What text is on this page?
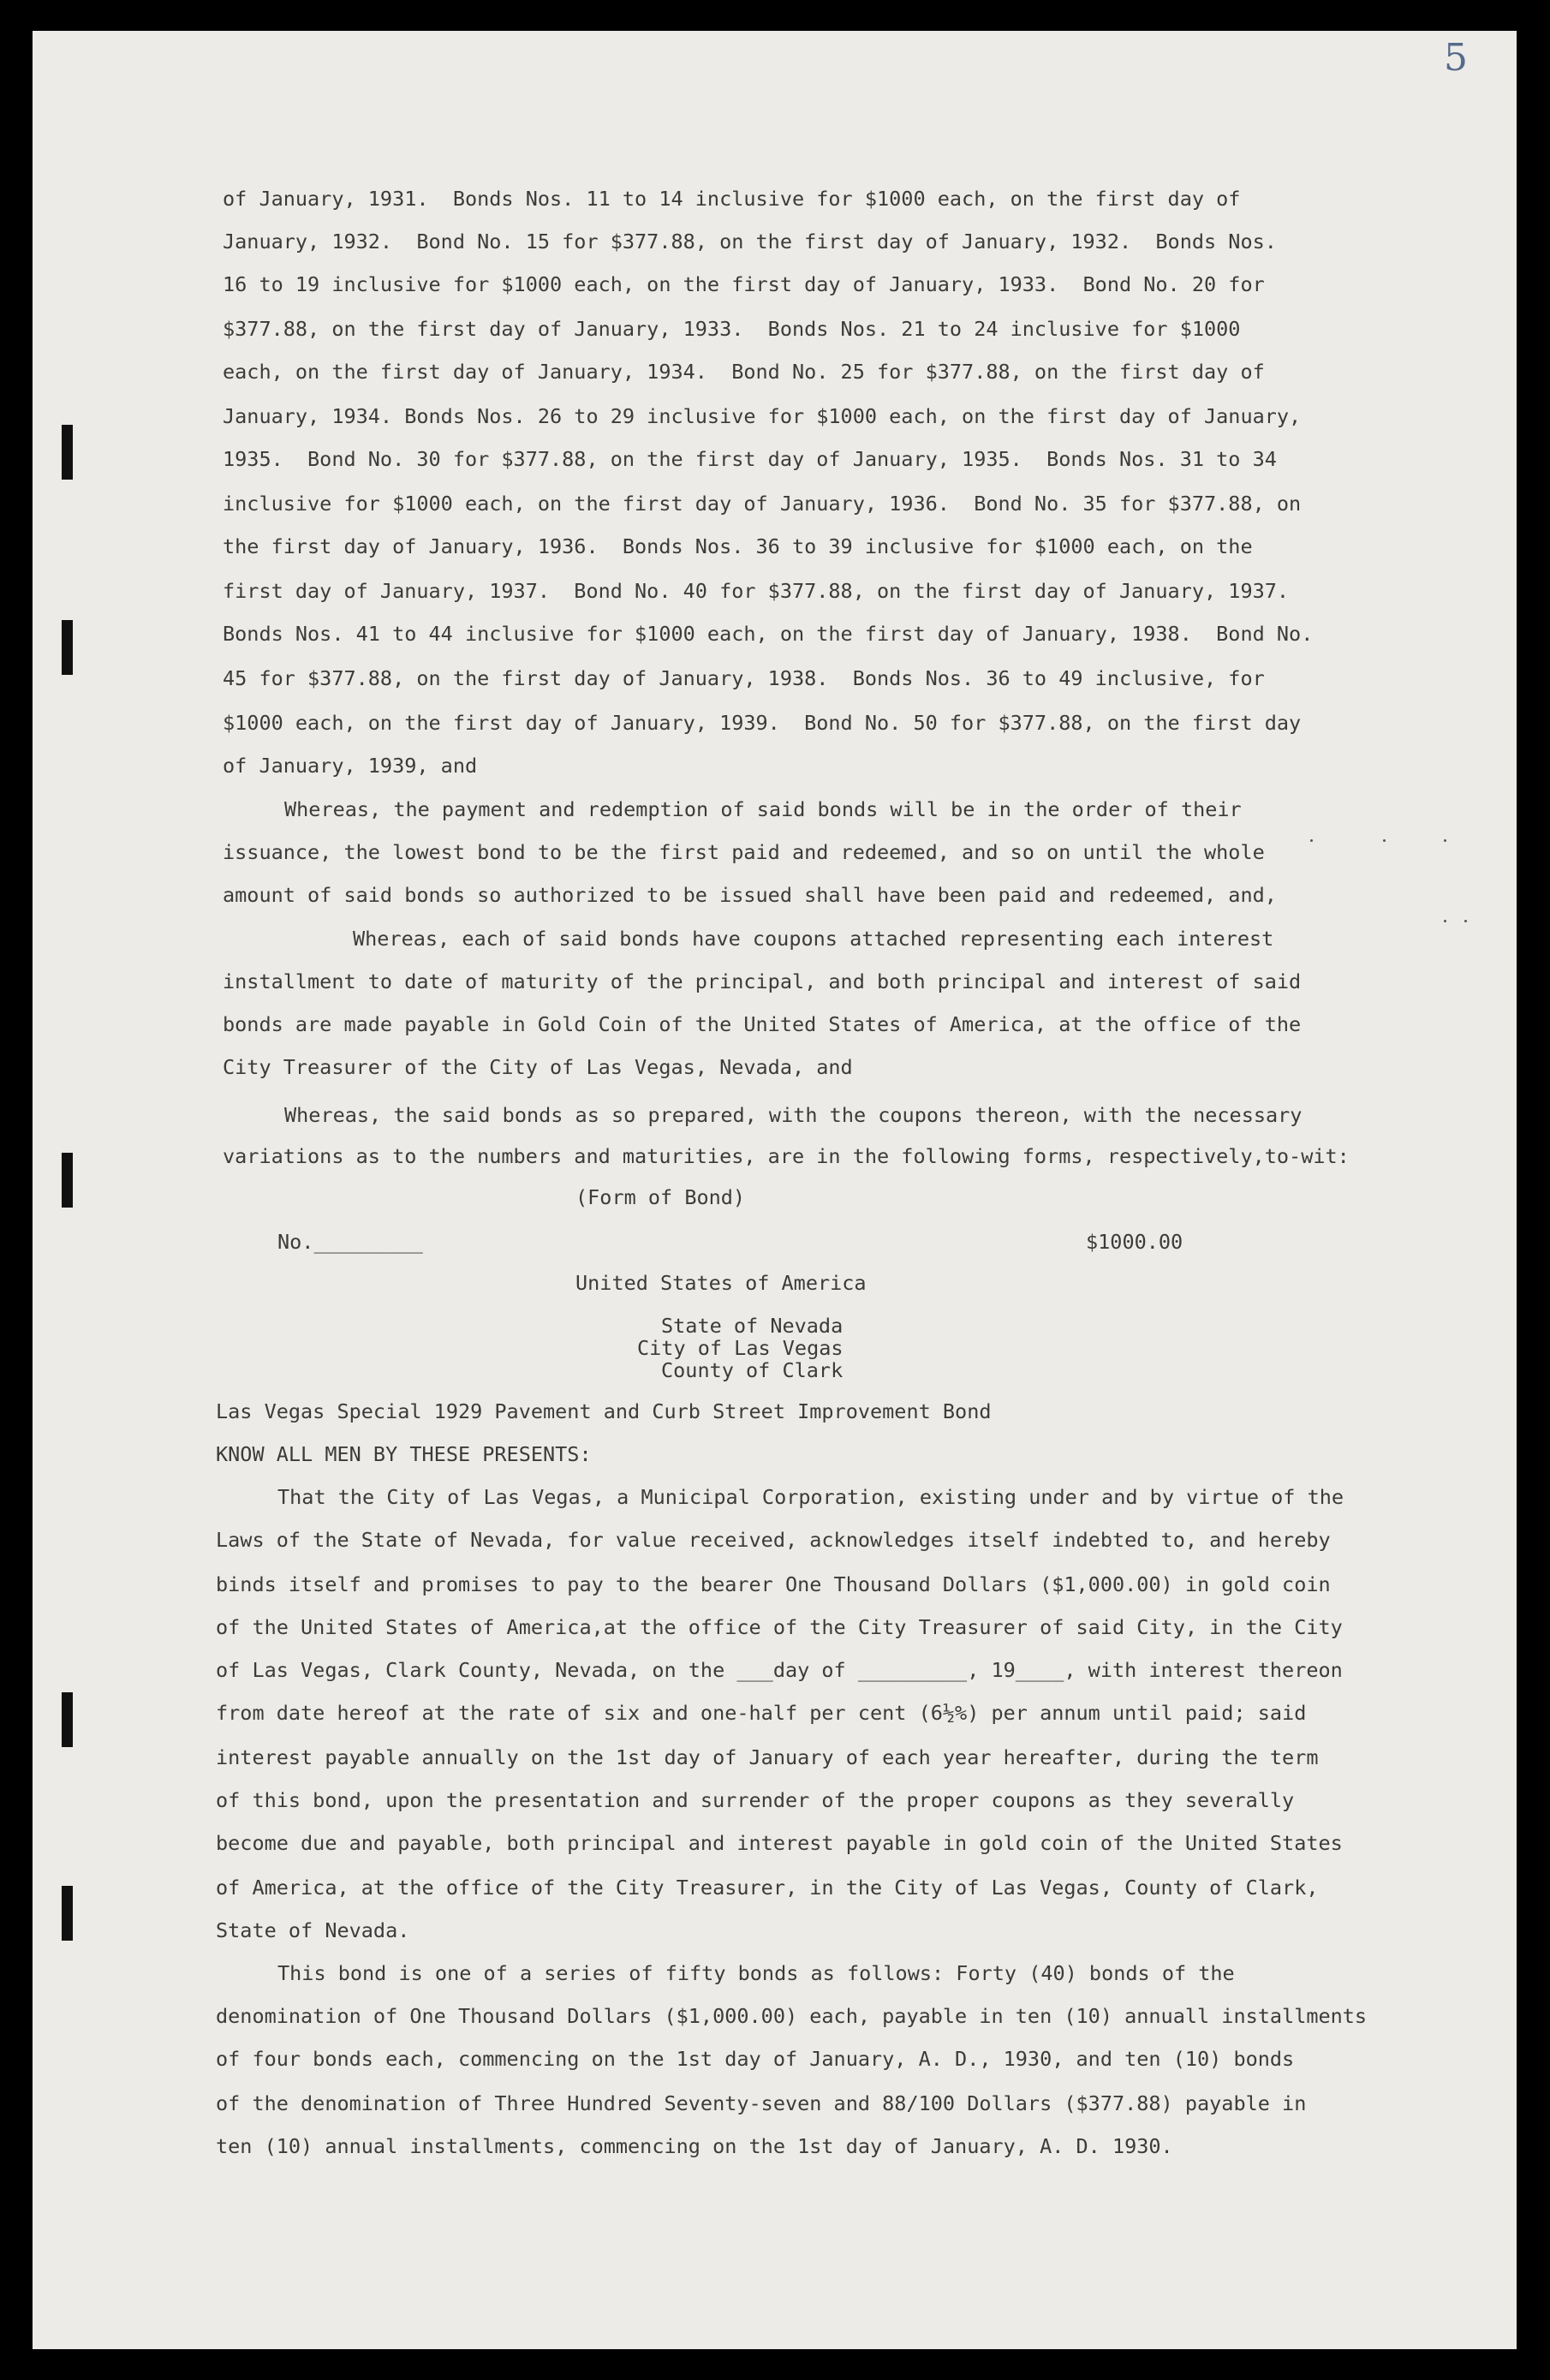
5
of January, 1931.  Bonds Nos. 11 to 14 inclusive for $1000 each, on the first day of
January, 1932.  Bond No. 15 for $377.88, on the first day of January, 1932.  Bonds Nos.
16 to 19 inclusive for $1000 each, on the first day of January, 1933.  Bond No. 20 for
$377.88, on the first day of January, 1933.  Bonds Nos. 21 to 24 inclusive for $1000
each, on the first day of January, 1934.  Bond No. 25 for $377.88, on the first day of
January, 1934. Bonds Nos. 26 to 29 inclusive for $1000 each, on the first day of January,
1935.  Bond No. 30 for $377.88, on the first day of January, 1935.  Bonds Nos. 31 to 34
inclusive for $1000 each, on the first day of January, 1936.  Bond No. 35 for $377.88, on
the first day of January, 1936.  Bonds Nos. 36 to 39 inclusive for $1000 each, on the
first day of January, 1937.  Bond No. 40 for $377.88, on the first day of January, 1937.
Bonds Nos. 41 to 44 inclusive for $1000 each, on the first day of January, 1938.  Bond No.
45 for $377.88, on the first day of January, 1938.  Bonds Nos. 36 to 49 inclusive, for
$1000 each, on the first day of January, 1939.  Bond No. 50 for $377.88, on the first day
of January, 1939, and
Whereas, the payment and redemption of said bonds will be in the order of their
issuance, the lowest bond to be the first paid and redeemed, and so on until the whole
amount of said bonds so authorized to be issued shall have been paid and redeemed, and,
Whereas, each of said bonds have coupons attached representing each interest
installment to date of maturity of the principal, and both principal and interest of said
bonds are made payable in Gold Coin of the United States of America, at the office of the
City Treasurer of the City of Las Vegas, Nevada, and
Whereas, the said bonds as so prepared, with the coupons thereon, with the necessary
variations as to the numbers and maturities, are in the following forms, respectively,to-wit:
(Form of Bond)
No._________	$1000.00
United States of America
State of Nevada
City of Las Vegas
County of Clark
Las Vegas Special 1929 Pavement and Curb Street Improvement Bond
KNOW ALL MEN BY THESE PRESENTS:
That the City of Las Vegas, a Municipal Corporation, existing under and by virtue of the
Laws of the State of Nevada, for value received, acknowledges itself indebted to, and hereby
binds itself and promises to pay to the bearer One Thousand Dollars ($1,000.00) in gold coin
of the United States of America,at the office of the City Treasurer of said City, in the City
of Las Vegas, Clark County, Nevada, on the ___day of _________, 19____, with interest thereon
from date hereof at the rate of six and one-half per cent (6½%) per annum until paid; said
interest payable annually on the 1st day of January of each year hereafter, during the term
of this bond, upon the presentation and surrender of the proper coupons as they severally
become due and payable, both principal and interest payable in gold coin of the United States
of America, at the office of the City Treasurer, in the City of Las Vegas, County of Clark,
State of Nevada.
This bond is one of a series of fifty bonds as follows: Forty (40) bonds of the
denomination of One Thousand Dollars ($1,000.00) each, payable in ten (10) annuall installments
of four bonds each, commencing on the 1st day of January, A. D., 1930, and ten (10) bonds
of the denomination of Three Hundred Seventy-seven and 88/100 Dollars ($377.88) payable in
ten (10) annual installments, commencing on the 1st day of January, A. D. 1930.
